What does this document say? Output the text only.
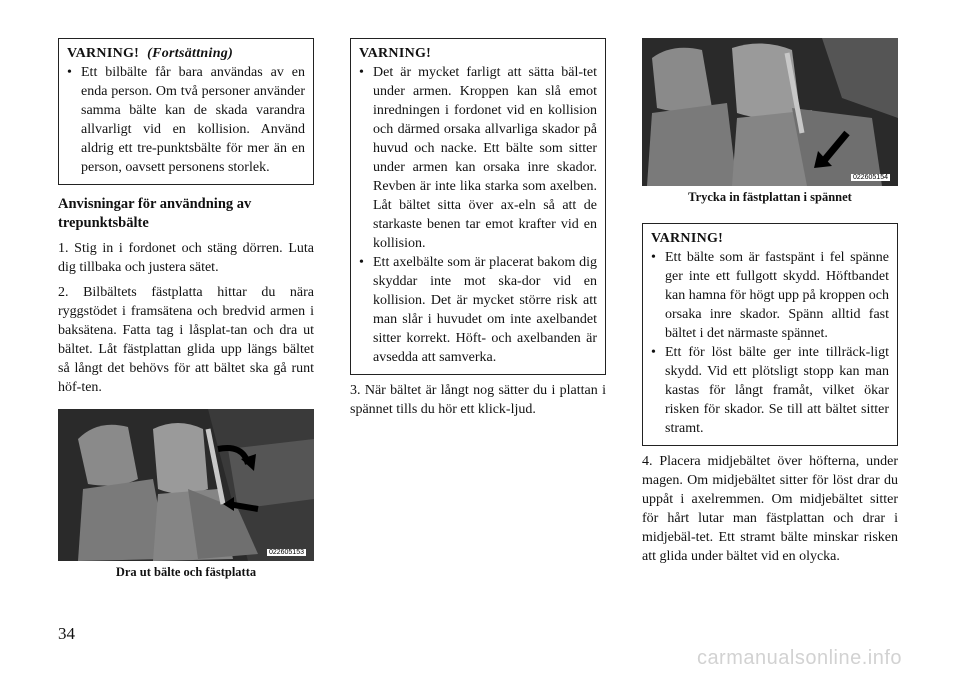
VARNING! (Fortsättning)
• Ett bilbälte får bara användas av en enda person. Om två personer använder samma bälte kan de skada varandra allvarligt vid en kollision. Använd aldrig ett tre-punktsbälte för mer än en person, oavsett personens storlek.

Anvisningar för användning av trepunktsbälte

1. Stig in i fordonet och stäng dörren. Luta dig tillbaka och justera sätet.

2. Bilbältets fästplatta hittar du nära ryggstödet i framsätena och bredvid armen i baksätena. Fatta tag i låsplat-tan och dra ut bältet. Låt fästplattan glida upp längs bältet så långt det behövs för att bältet ska gå runt höf-ten.

022605153
Dra ut bälte och fästplatta
VARNING!
• Det är mycket farligt att sätta bäl-tet under armen. Kroppen kan slå emot inredningen i fordonet vid en kollision och därmed orsaka allvarliga skador på huvud och nacke. Ett bälte som sitter under armen kan orsaka inre skador. Revben är inte lika starka som axelben. Låt bältet sitta över ax-eln så att de starkaste benen tar emot krafter vid en kollision.
• Ett axelbälte som är placerat bakom dig skyddar inte mot ska-dor vid en kollision. Det är mycket större risk att man slår i huvudet om inte axelbandet sitter korrekt. Höft- och axelbanden är avsedda att samverka.

3. När bältet är långt nog sätter du i plattan i spännet tills du hör ett klick-ljud.

022605154
Trycka in fästplattan i spännet
VARNING!
• Ett bälte som är fastspänt i fel spänne ger inte ett fullgott skydd. Höftbandet kan hamna för högt upp på kroppen och orsaka inre skador. Spänn alltid fast bältet i det närmaste spännet.
• Ett för löst bälte ger inte tillräck-ligt skydd. Vid ett plötsligt stopp kan man kastas för långt framåt, vilket ökar risken för skador. Se till att bältet sitter stramt.

4. Placera midjebältet över höfterna, under magen. Om midjebältet sitter för löst drar du uppåt i axelremmen. Om midjebältet sitter för hårt lutar man fästplattan och drar i midjebäl-tet. Ett stramt bälte minskar risken att glida under bältet vid en olycka.

34
carmanualsonline.info
